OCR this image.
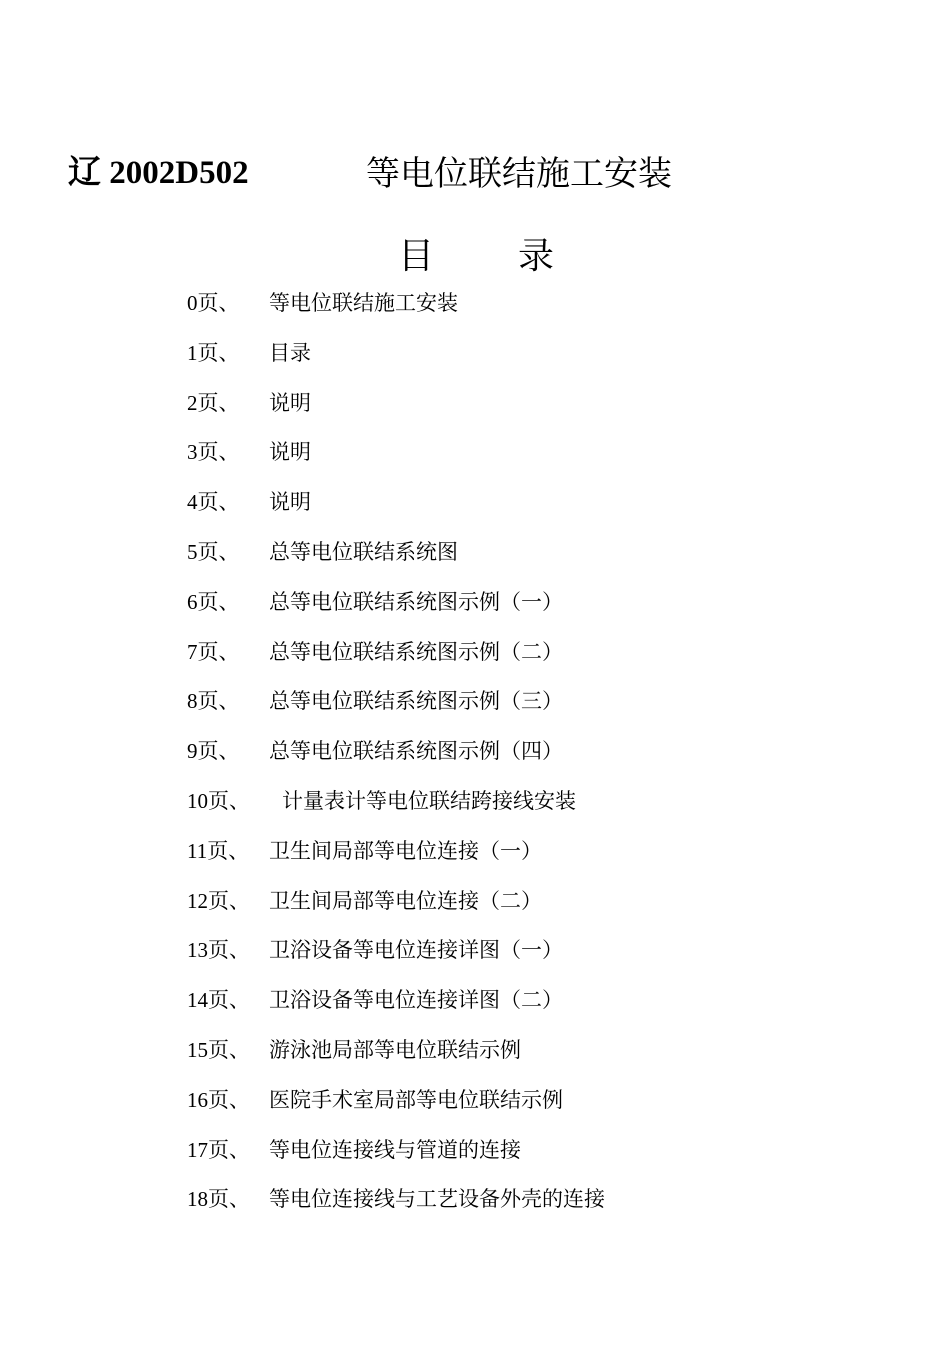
辽 2002D502	等电位联结施工安装
目 录
0页、 等电位联结施工安装
1页、 目录
2页、 说明
3页、 说明
4页、 说明
5页、 总等电位联结系统图
6页、 总等电位联结系统图示例（一）
7页、 总等电位联结系统图示例（二）
8页、 总等电位联结系统图示例（三）
9页、 总等电位联结系统图示例（四）
10页、 计量表计等电位联结跨接线安装
11页、 卫生间局部等电位连接（一）
12页、 卫生间局部等电位连接（二）
13页、 卫浴设备等电位连接详图（一）
14页、 卫浴设备等电位连接详图（二）
15页、 游泳池局部等电位联结示例
16页、 医院手术室局部等电位联结示例
17页、 等电位连接线与管道的连接
18页、 等电位连接线与工艺设备外壳的连接
